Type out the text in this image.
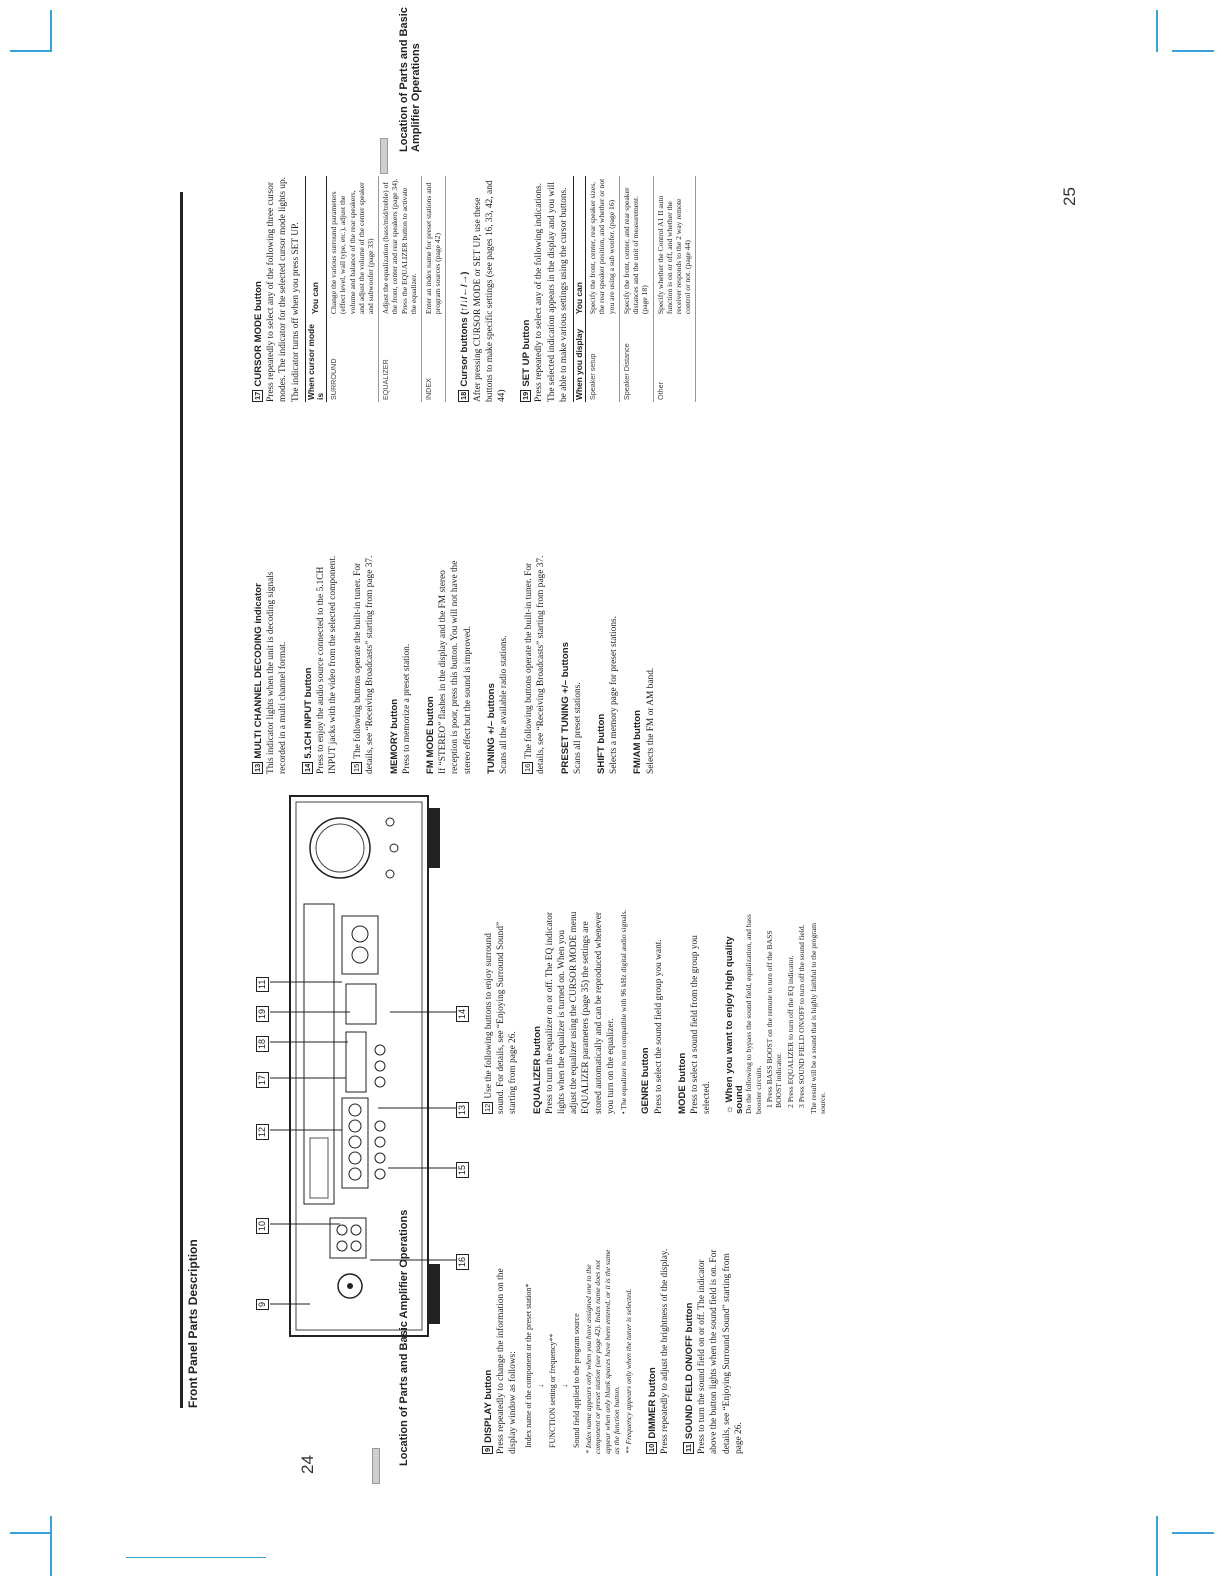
Location of Parts and Basic Amplifier Operations
Location of Parts and Basic Amplifier Operations
24
25
Front Panel Parts Description	9
10
12
17
18
19
11
16
15
13
14
9DISPLAY button Press repeatedly to change the information on the display window as follows: Index name of the component or the preset station* ↓ FUNCTION setting or frequency** ↓ Sound field applied to the program source * Index name appears only when you have assigned one to the component or preset station (see page 42). Index name does not appear when only blank spaces have been entered, or it is the same as the function button. ** Frequency appears only when the tuner is selected. 10DIMMER button Press repeatedly to adjust the brightness of the display. 11SOUND FIELD ON/OFF button Press to turn the sound field on or off. The indicator above the button lights when the sound field is on. For details, see “Enjoying Surround Sound” starting from page 26.

12Use the following buttons to enjoy surround sound. For details, see “Enjoying Surround Sound” starting from page 26. EQUALIZER button Press to turn the equalizer on or off. The EQ indicator lights when the equalizer is turned on. When you adjust the equalizer using the CURSOR MODE menu EQUALIZER parameters (page 35) the settings are stored automatically and can be reproduced whenever you turn on the equalizer. • The equalizer is not compatible with 96 kHz digital audio signals. GENRE button Press to select the sound field group you want. MODE button Press to select a sound field from the group you selected. ☼ When you want to enjoy high quality sound Do the following to bypass the sound field, equalization, and bass booster circuits. 1 Press BASS BOOST on the remote to turn off the BASS BOOST indicator. 2 Press EQUALIZER to turn off the EQ indicator. 3 Press SOUND FIELD ON/OFF to turn off the sound field. The result will be a sound that is highly faithful to the program source.

13MULTI CHANNEL DECODING indicator This indicator lights when the unit is decoding signals recorded in a multi channel format. 145.1CH INPUT button Press to enjoy the audio source connected to the 5.1CH INPUT jacks with the video from the selected component. 15The following buttons operate the built-in tuner. For details, see “Receiving Broadcasts” starting from page 37. MEMORY button Press to memorize a preset station. FM MODE button If “STEREO” flashes in the display and the FM stereo reception is poor, press this button. You will not have the stereo effect but the sound is improved. TUNING +/– buttons Scans all the available radio stations. 16The following buttons operate the built-in tuner. For details, see “Receiving Broadcasts” starting from page 37. PRESET TUNING +/– buttons Scans all preset stations. SHIFT button Selects a memory page for preset stations. FM/AM button Selects the FM or AM band.

17CURSOR MODE button Press repeatedly to select any of the following three cursor modes. The indicator for the selected cursor mode lights up. The indicator turns off when you press SET UP. When cursor mode is	You can
SURROUND	Change the various surround parameters (effect level, wall type, etc.), adjust the volume and balance of the rear speakers, and adjust the volume of the center speaker and subwoofer (page 33)
EQUALIZER	Adjust the equalization (bass/mid/treble) of the front, center and rear speakers (page 34). Press the EQUALIZER button to activate the equalizer.
INDEX	Enter an index name for preset stations and program sources (page 42)
18Cursor buttons (↑/↓/←/→) After pressing CURSOR MODE or SET UP, use these buttons to make specific settings (see pages 16, 33, 42, and 44) 19SET UP button Press repeatedly to select any of the following indications. The selected indication appears in the display and you will be able to make various settings using the cursor buttons. When you display	You can
Speaker setup	Specify the front, center, rear speaker sizes, the rear speaker position, and whether or not you are using a sub woofer. (page 16)
Speaker Distance	Specify the front, center, and rear speaker distances and the unit of measurement. (page 18)
Other	Specify whether the Control A1 II auto function is on or off, and whether the receiver responds to the 2 way remote control or not. (page 44)
